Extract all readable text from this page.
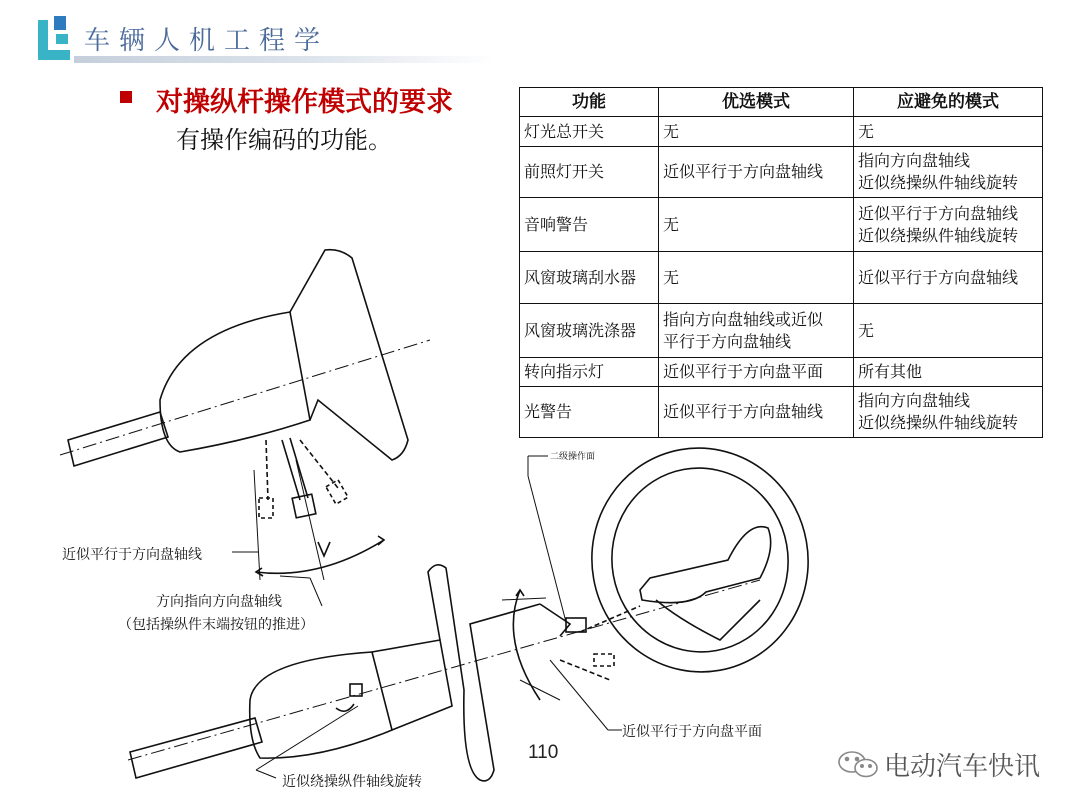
车辆人机工程学
对操纵杆操作模式的要求
有操作编码的功能。
功能	优选模式	应避免的模式
灯光总开关	无	无
前照灯开关	近似平行于方向盘轴线	指向方向盘轴线
近似绕操纵件轴线旋转
音响警告	无	近似平行于方向盘轴线
近似绕操纵件轴线旋转
风窗玻璃刮水器	无	近似平行于方向盘轴线
风窗玻璃洗涤器	指向方向盘轴线或近似
平行于方向盘轴线	无
转向指示灯	近似平行于方向盘平面	所有其他
光警告	近似平行于方向盘轴线	指向方向盘轴线
近似绕操纵件轴线旋转
近似平行于方向盘轴线
方向指向方向盘轴线
（包括操纵件末端按钮的推进）
二级操作面
近似平行于方向盘平面
近似绕操纵件轴线旋转
110	电动汽车快讯
